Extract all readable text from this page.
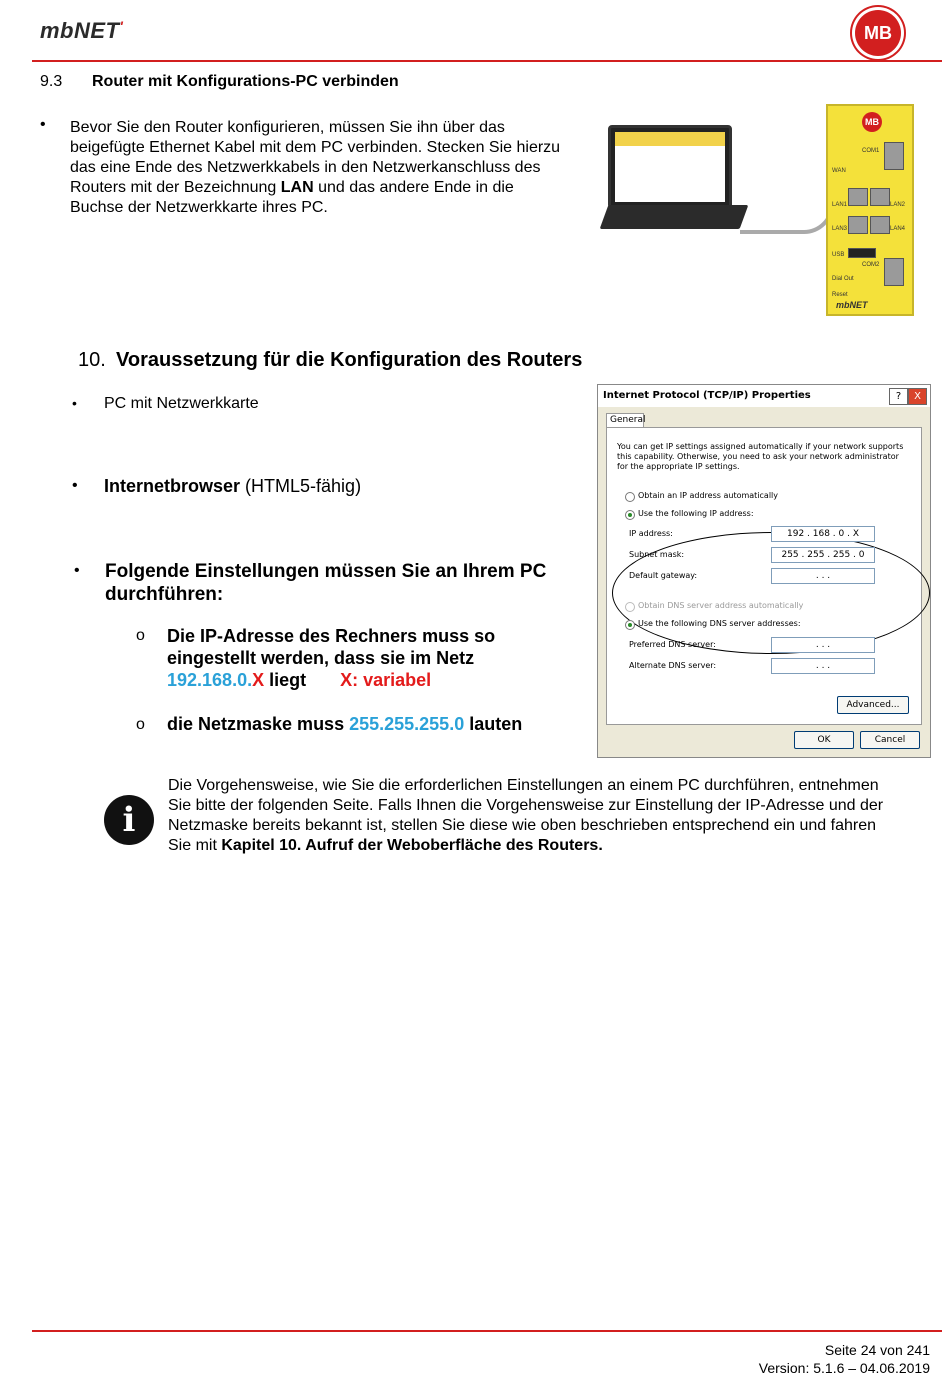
mbNET'	MB
9.3 Router mit Konfigurations-PC verbinden
• Bevor Sie den Router konfigurieren, müssen Sie ihn über das beigefügte Ethernet Kabel mit dem PC verbinden. Stecken Sie hierzu das eine Ende des Netzwerkkabels in den Netzwerkanschluss des Routers mit der Bezeichnung LAN und das andere Ende in die Buchse der Netzwerkkarte ihres PC.
MB
COM1
WAN
LAN1	LAN2
LAN3	LAN4
USB
COM2
Dial Out
Reset
mbNET
10. Voraussetzung für die Konfiguration des Routers
• PC mit Netzwerkkarte
• Internetbrowser (HTML5-fähig)
• Folgende Einstellungen müssen Sie an Ihrem PC durchführen:
o Die IP-Adresse des Rechners muss so eingestellt werden, dass sie im Netz
192.168.0.X liegt X: variabel
o die Netzmaske muss 255.255.255.0 lauten
Internet Protocol (TCP/IP) Properties	?	X
General
You can get IP settings assigned automatically if your network supports this capability. Otherwise, you need to ask your network administrator for the appropriate IP settings.
Obtain an IP address automatically
Use the following IP address:
IP address:	192 . 168 . 0 . X
Subnet mask:	255 . 255 . 255 . 0
Default gateway:	. . .
Obtain DNS server address automatically
Use the following DNS server addresses:
Preferred DNS server:	. . .
Alternate DNS server:	. . .
Advanced...
OK	Cancel
i
Die Vorgehensweise, wie Sie die erforderlichen Einstellungen an einem PC durchführen, entnehmen Sie bitte der folgenden Seite. Falls Ihnen die Vorgehensweise zur Einstellung der IP-Adresse und der Netzmaske bereits bekannt ist, stellen Sie diese wie oben beschrieben entsprechend ein und fahren Sie mit Kapitel 10. Aufruf der Weboberfläche des Routers.
Seite 24 von 241
Version: 5.1.6 – 04.06.2019
